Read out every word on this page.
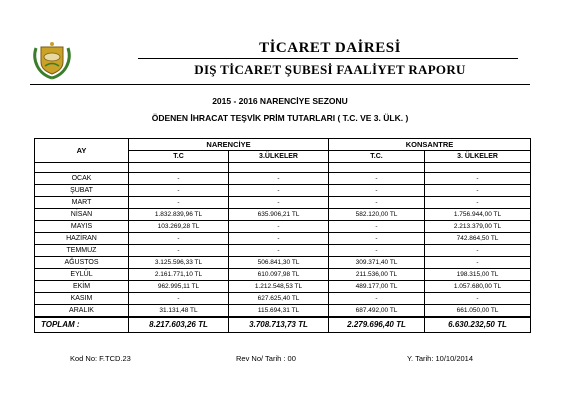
TİCARET DAİRESİ
DIŞ TİCARET ŞUBESİ FAALİYET RAPORU
2015 - 2016 NARENCİYE SEZONU
ÖDENEN İHRACAT TEŞVİK PRİM TUTARLARI ( T.C. VE 3. ÜLK. )
AY	NARENCİYE		KONSANTRE	
	T.C	3.ÜLKELER	T.C.	3. ÜLKELER

OCAK	-	-	-	-
ŞUBAT	-	-	-	-
MART	-	-	-	-
NİSAN	1.832.839,96 TL	635.906,21 TL	582.120,00 TL	1.756.944,00 TL
MAYIS	103.269,28 TL	-	-	2.213.379,00 TL
HAZİRAN	-	-	-	742.864,50 TL
TEMMUZ	-	-	-	-
AĞUSTOS	3.125.596,33 TL	506.841,30 TL	309.371,40 TL	-
EYLÜL	2.161.771,10 TL	610.097,98 TL	211.536,00 TL	198.315,00 TL
EKİM	962.995,11 TL	1.212.548,53 TL	489.177,00 TL	1.057.680,00 TL
KASIM	-	627.625,40 TL	-	-
ARALIK	31.131,48 TL	115.694,31 TL	687.492,00 TL	661.050,00 TL
TOPLAM :	8.217.603,26 TL	3.708.713,73 TL	2.279.696,40 TL	6.630.232,50 TL
Kod No: F.TCD.23	Rev No/ Tarih : 00	Y. Tarih: 10/10/2014
